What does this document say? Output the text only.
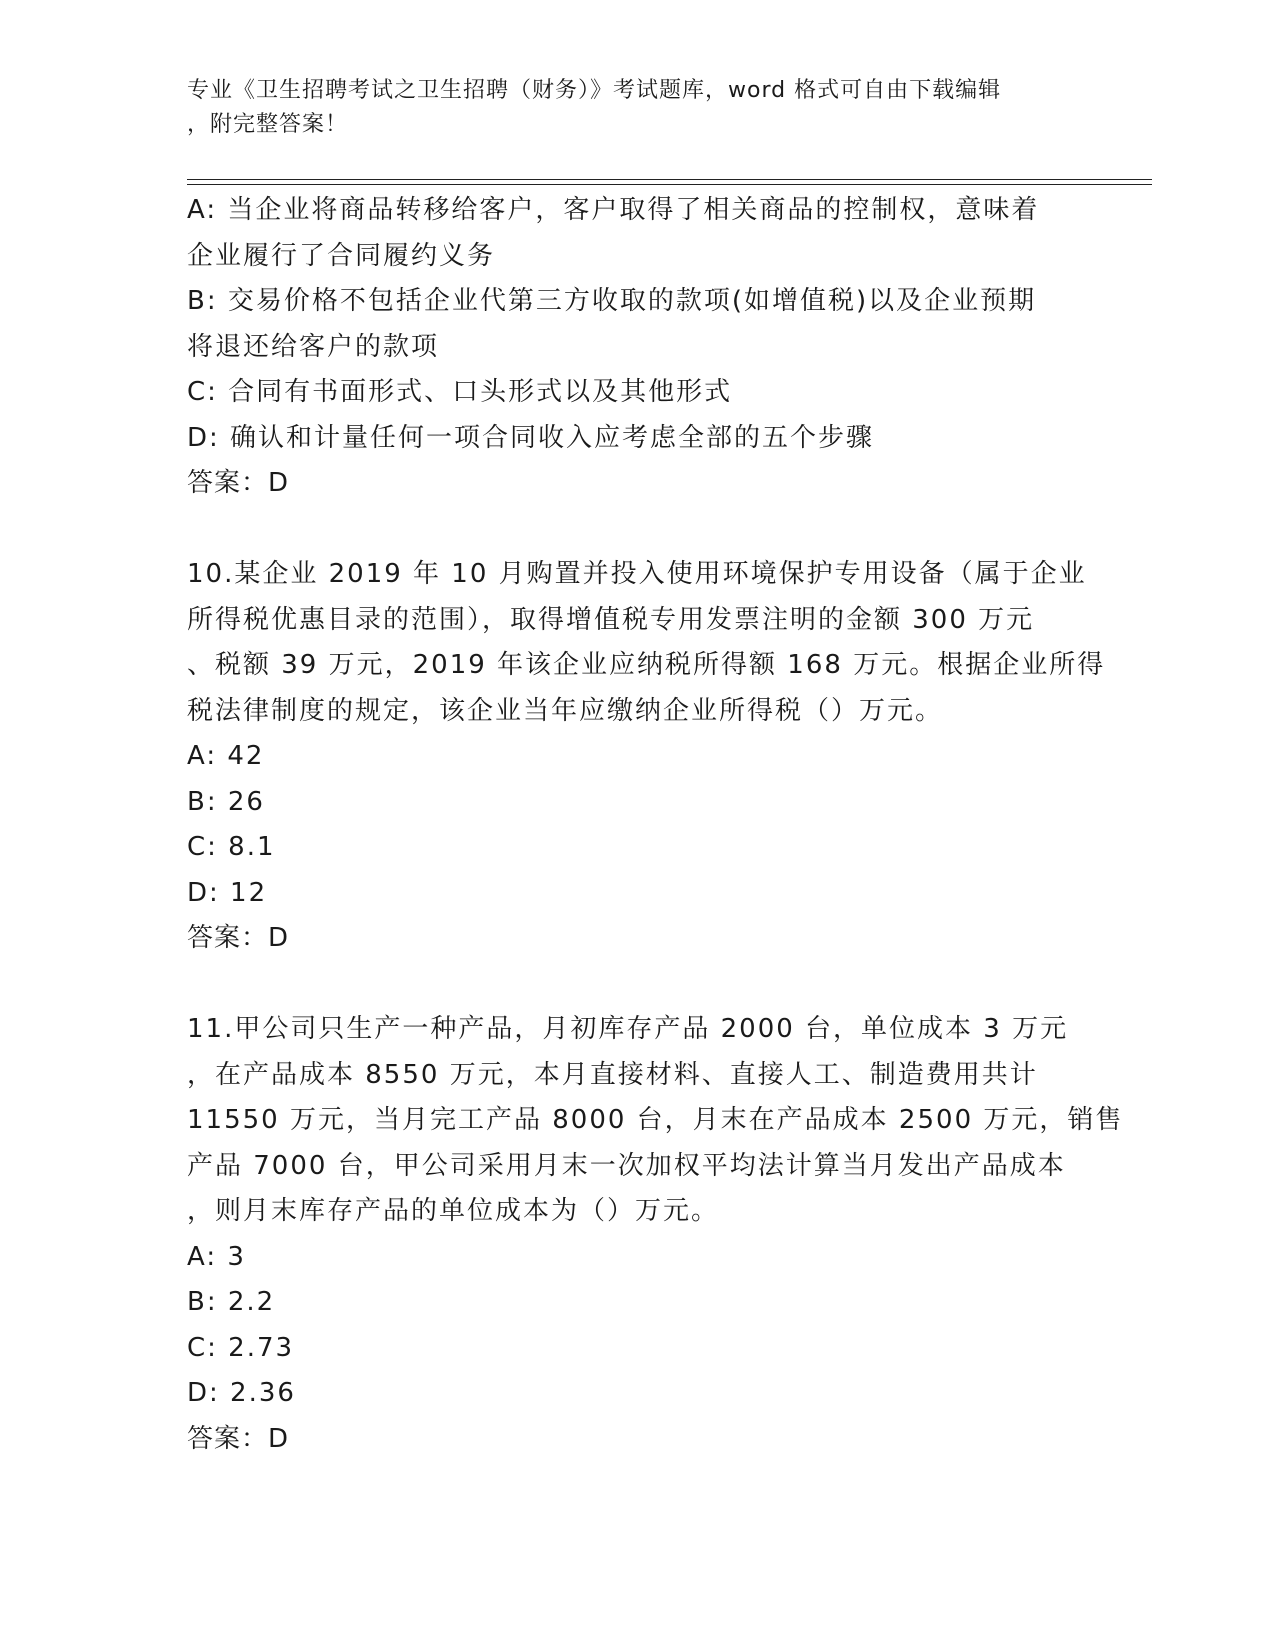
专业《卫生招聘考试之卫生招聘（财务）》考试题库，word 格式可自由下载编辑
，附完整答案！
A: 当企业将商品转移给客户，客户取得了相关商品的控制权，意味着
企业履行了合同履约义务
B: 交易价格不包括企业代第三方收取的款项(如增值税)以及企业预期
将退还给客户的款项
C: 合同有书面形式、口头形式以及其他形式
D: 确认和计量任何一项合同收入应考虑全部的五个步骤
答案：D
10.某企业 2019 年 10 月购置并投入使用环境保护专用设备（属于企业
所得税优惠目录的范围），取得增值税专用发票注明的金额 300 万元
、税额 39 万元，2019 年该企业应纳税所得额 168 万元。根据企业所得
税法律制度的规定，该企业当年应缴纳企业所得税（）万元。
A: 42
B: 26
C: 8.1
D: 12
答案：D
11.甲公司只生产一种产品，月初库存产品 2000 台，单位成本 3 万元
，在产品成本 8550 万元，本月直接材料、直接人工、制造费用共计
11550 万元，当月完工产品 8000 台，月末在产品成本 2500 万元，销售
产品 7000 台，甲公司采用月末一次加权平均法计算当月发出产品成本
，则月末库存产品的单位成本为（）万元。
A: 3
B: 2.2
C: 2.73
D: 2.36
答案：D
